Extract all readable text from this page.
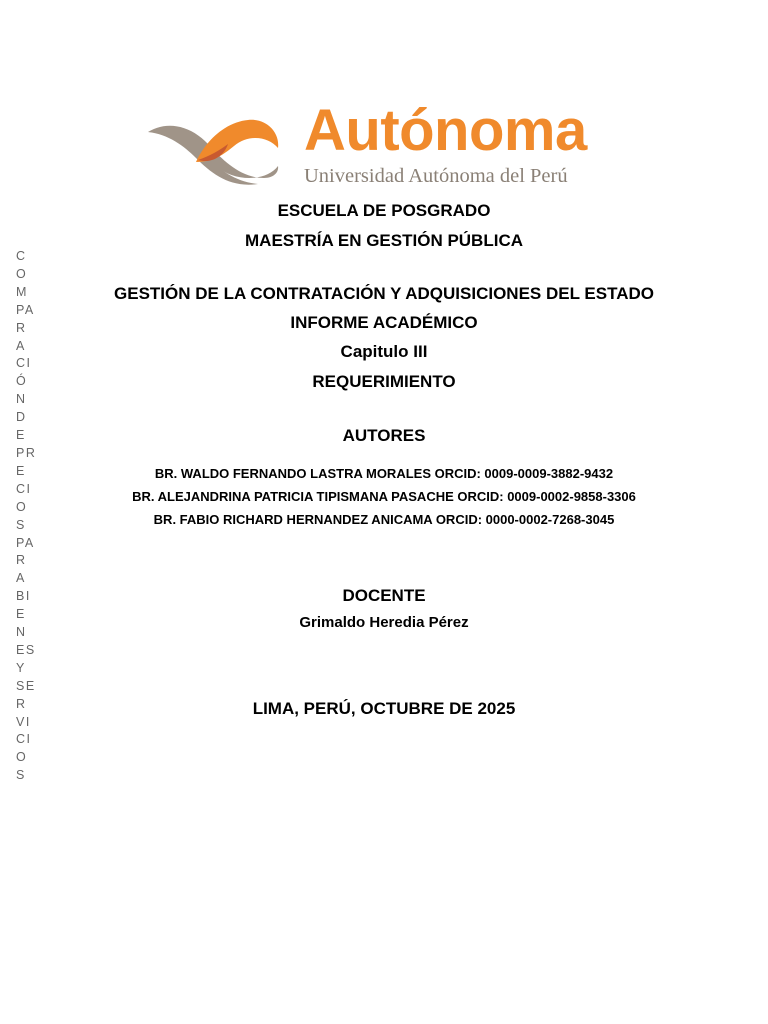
Autónoma
Universidad Autónoma del Perú
C
O
M
PA
R
A
CI
Ó
N
D
E
PR
E
CI
O
S
PA
R
A
BI
E
N
ES
Y
SE
R
VI
CI
O
S
ESCUELA DE POSGRADO
MAESTRÍA EN GESTIÓN PÚBLICA
GESTIÓN DE LA CONTRATACIÓN Y ADQUISICIONES DEL ESTADO
INFORME ACADÉMICO
Capitulo III
REQUERIMIENTO
AUTORES
BR. WALDO FERNANDO LASTRA MORALES ORCID: 0009-0009-3882-9432
BR. ALEJANDRINA PATRICIA TIPISMANA PASACHE ORCID: 0009-0002-9858-3306
BR. FABIO RICHARD HERNANDEZ ANICAMA ORCID: 0000-0002-7268-3045
DOCENTE
Grimaldo Heredia Pérez
LIMA, PERÚ, OCTUBRE DE 2025
